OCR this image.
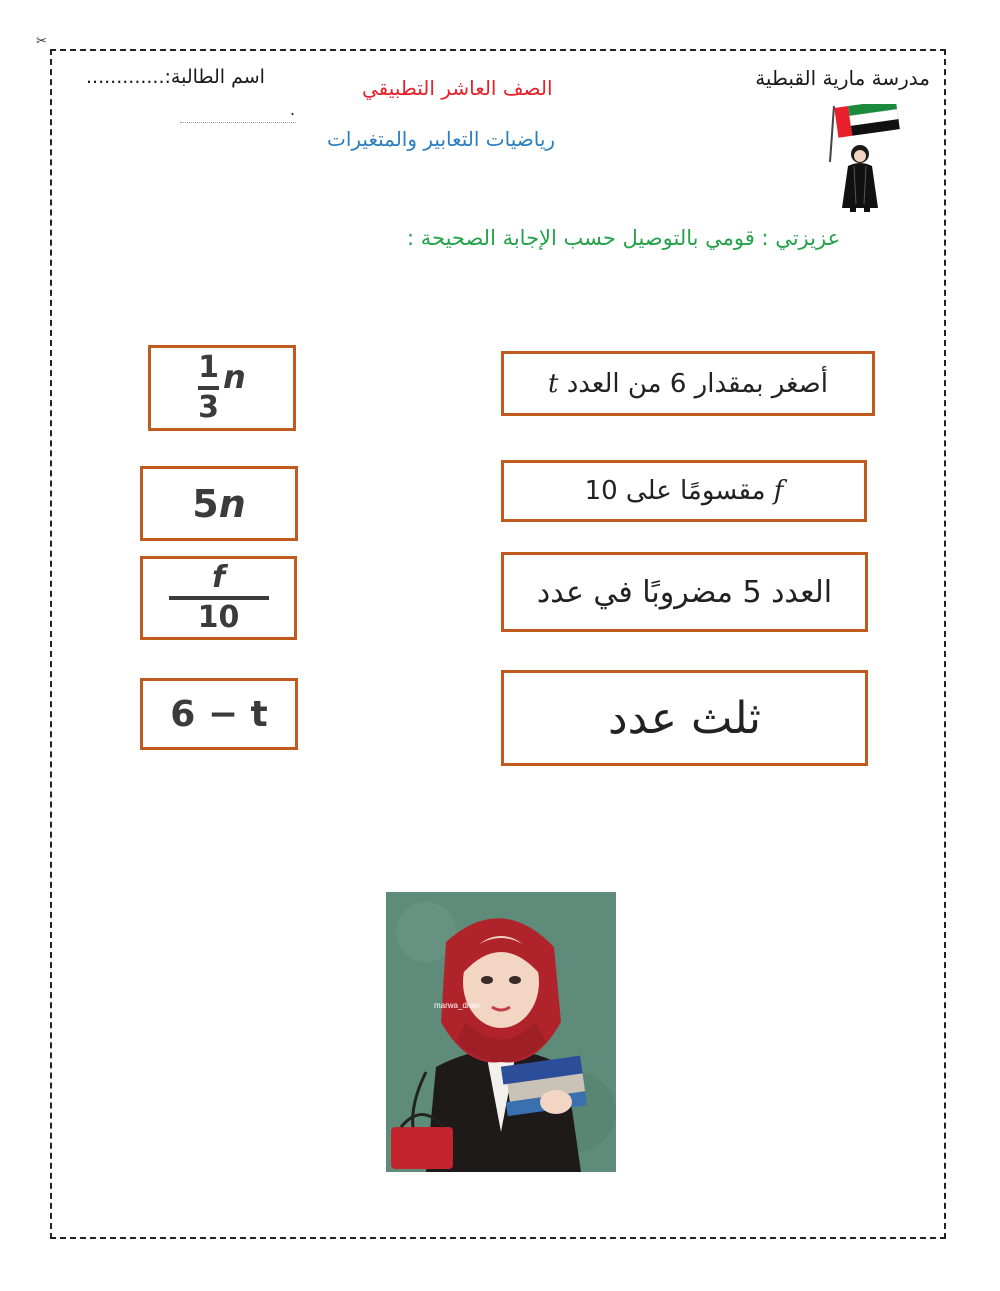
✂
مدرسة مارية القبطية
اسم الطالبة:.............
.
الصف العاشر التطبيقي
رياضيات التعابير والمتغيرات
عزيزتي : قومي بالتوصيل حسب الإجابة الصحيحة :
$\frac{1}{3}$ n
5n
$\frac{f}{10}$
6 − t
أصغر بمقدار 6 من العدد t
f مقسومًا على 10
العدد 5 مضروبًا في عدد
ثلث عدد
marwa_draw
